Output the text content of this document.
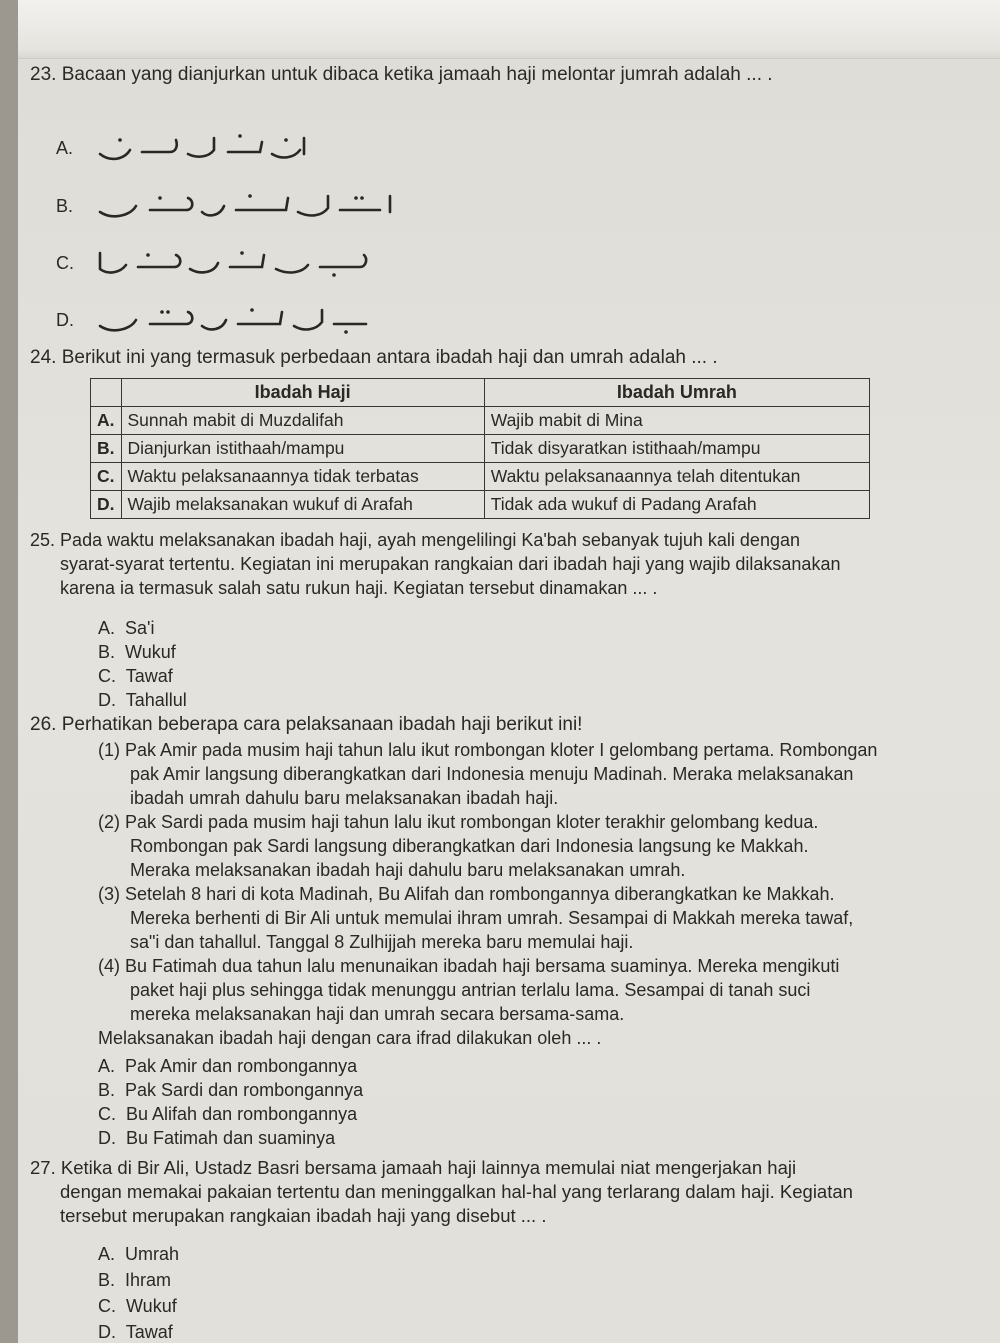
23. Bacaan yang dianjurkan untuk dibaca ketika jamaah haji melontar jumrah adalah ... .
A.
B.
C.
D.
24. Berikut ini yang termasuk perbedaan antara ibadah haji dan umrah adalah ... .
	Ibadah Haji	Ibadah Umrah
A.	Sunnah mabit di Muzdalifah	Wajib mabit di Mina
B.	Dianjurkan istithaah/mampu	Tidak disyaratkan istithaah/mampu
C.	Waktu pelaksanaannya tidak terbatas	Waktu pelaksanaannya telah ditentukan
D.	Wajib melaksanakan wukuf di Arafah	Tidak ada wukuf di Padang Arafah
25. Pada waktu melaksanakan ibadah haji, ayah mengelilingi Ka'bah sebanyak tujuh kali dengan
syarat-syarat tertentu. Kegiatan ini merupakan rangkaian dari ibadah haji yang wajib dilaksanakan
karena ia termasuk salah satu rukun haji. Kegiatan tersebut dinamakan ... .
A. Sa'i
B. Wukuf
C. Tawaf
D. Tahallul
26. Perhatikan beberapa cara pelaksanaan ibadah haji berikut ini!
(1) Pak Amir pada musim haji tahun lalu ikut rombongan kloter I gelombang pertama. Rombongan
pak Amir langsung diberangkatkan dari Indonesia menuju Madinah. Meraka melaksanakan
ibadah umrah dahulu baru melaksanakan ibadah haji.
(2) Pak Sardi pada musim haji tahun lalu ikut rombongan kloter terakhir gelombang kedua.
Rombongan pak Sardi langsung diberangkatkan dari Indonesia langsung ke Makkah.
Meraka melaksanakan ibadah haji dahulu baru melaksanakan umrah.
(3) Setelah 8 hari di kota Madinah, Bu Alifah dan rombongannya diberangkatkan ke Makkah.
Mereka berhenti di Bir Ali untuk memulai ihram umrah. Sesampai di Makkah mereka tawaf,
sa"i dan tahallul. Tanggal 8 Zulhijjah mereka baru memulai haji.
(4) Bu Fatimah dua tahun lalu menunaikan ibadah haji bersama suaminya. Mereka mengikuti
paket haji plus sehingga tidak menunggu antrian terlalu lama. Sesampai di tanah suci
mereka melaksanakan haji dan umrah secara bersama-sama.
Melaksanakan ibadah haji dengan cara ifrad dilakukan oleh ... .
A. Pak Amir dan rombongannya
B. Pak Sardi dan rombongannya
C. Bu Alifah dan rombongannya
D. Bu Fatimah dan suaminya
27. Ketika di Bir Ali, Ustadz Basri bersama jamaah haji lainnya memulai niat mengerjakan haji
dengan memakai pakaian tertentu dan meninggalkan hal-hal yang terlarang dalam haji. Kegiatan
tersebut merupakan rangkaian ibadah haji yang disebut ... .
A. Umrah
B. Ihram
C. Wukuf
D. Tawaf
